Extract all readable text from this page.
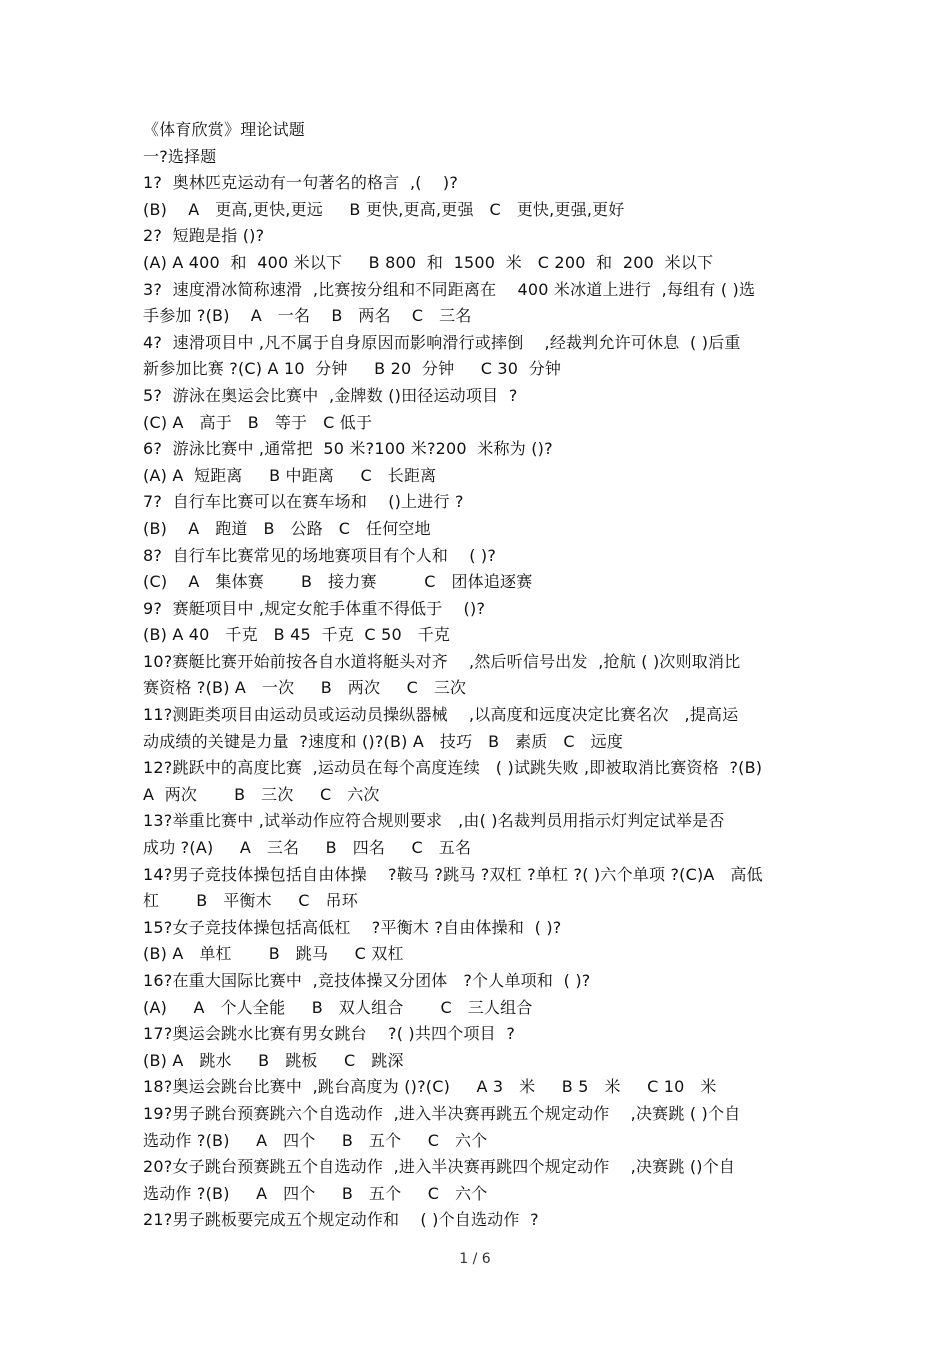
《体育欣赏》理论试题
一?选择题
1?  奥林匹克运动有一句著名的格言  ,(    )?
(B)    A   更高,更快,更远     B 更快,更高,更强   C   更快,更强,更好
2?  短跑是指 ()?
(A) A 400  和  400 米以下     B 800  和  1500  米   C 200  和  200  米以下
3?  速度滑冰简称速滑  ,比赛按分组和不同距离在    400 米冰道上进行  ,每组有 ( )选
手参加 ?(B)    A   一名    B   两名    C   三名
4?  速滑项目中 ,凡不属于自身原因而影响滑行或摔倒    ,经裁判允许可休息  ( )后重
新参加比赛 ?(C) A 10  分钟     B 20  分钟     C 30  分钟
5?  游泳在奥运会比赛中  ,金牌数 ()田径运动项目  ?
(C) A   高于   B   等于   C 低于
6?  游泳比赛中 ,通常把  50 米?100 米?200  米称为 ()?
(A) A  短距离     B 中距离     C   长距离
7?  自行车比赛可以在赛车场和    ()上进行 ?
(B)    A   跑道   B   公路   C   任何空地
8?  自行车比赛常见的场地赛项目有个人和    ( )?
(C)    A   集体赛       B   接力赛         C   团体追逐赛
9?  赛艇项目中 ,规定女舵手体重不得低于    ()?
(B) A 40   千克   B 45  千克  C 50   千克
10?赛艇比赛开始前按各自水道将艇头对齐    ,然后听信号出发  ,抢航 ( )次则取消比
赛资格 ?(B) A   一次     B   两次     C   三次
11?测距类项目由运动员或运动员操纵器械    ,以高度和远度决定比赛名次   ,提高运
动成绩的关键是力量  ?速度和 ()?(B) A   技巧   B   素质   C   远度
12?跳跃中的高度比赛  ,运动员在每个高度连续   ( )试跳失败 ,即被取消比赛资格  ?(B)
A  两次       B   三次     C   六次
13?举重比赛中 ,试举动作应符合规则要求   ,由( )名裁判员用指示灯判定试举是否
成功 ?(A)     A   三名     B   四名     C   五名
14?男子竞技体操包括自由体操    ?鞍马 ?跳马 ?双杠 ?单杠 ?( )六个单项 ?(C)A   高低
杠       B   平衡木     C   吊环
15?女子竞技体操包括高低杠    ?平衡木 ?自由体操和  ( )?
(B) A   单杠       B   跳马     C 双杠
16?在重大国际比赛中  ,竞技体操又分团体   ?个人单项和  ( )?
(A)     A   个人全能     B   双人组合       C   三人组合
17?奥运会跳水比赛有男女跳台    ?( )共四个项目  ?
(B) A   跳水     B   跳板     C   跳深
18?奥运会跳台比赛中  ,跳台高度为 ()?(C)     A 3   米     B 5   米     C 10   米
19?男子跳台预赛跳六个自选动作  ,进入半决赛再跳五个规定动作    ,决赛跳 ( )个自
选动作 ?(B)     A   四个     B   五个     C   六个
20?女子跳台预赛跳五个自选动作  ,进入半决赛再跳四个规定动作    ,决赛跳 ()个自
选动作 ?(B)     A   四个     B   五个     C   六个
21?男子跳板要完成五个规定动作和    ( )个自选动作  ?
1 / 6
